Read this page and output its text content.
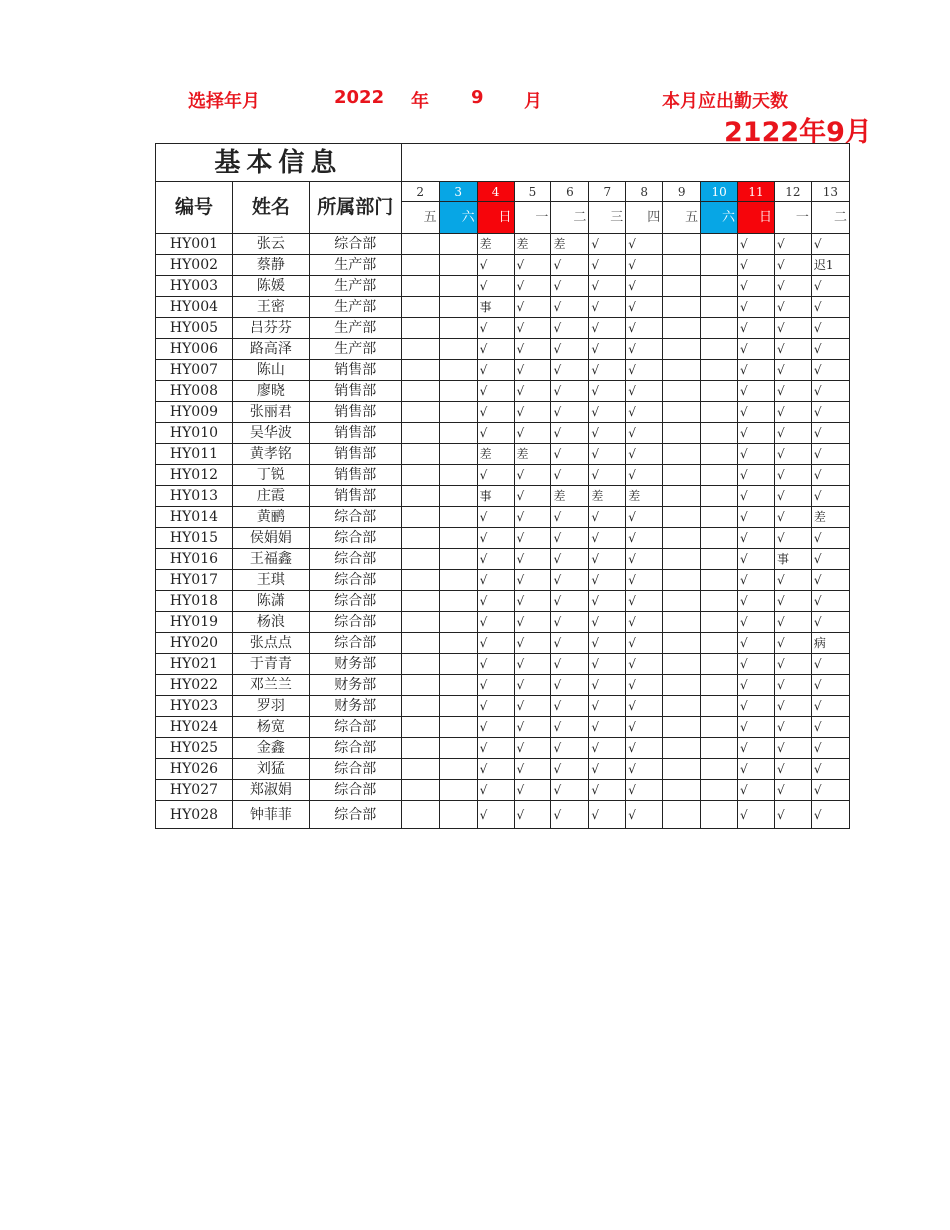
选择年月	2022 年 9 月	本月应出勤天数
2122年9月
基本信息														
编号	姓名	所属部门	2	3	4	5	6	7	8	9	10	11	12	13
			五	六	日	一	二	三	四	五	六	日	一	二
HY001	张云	综合部			差	差	差	√	√			√	√	√
HY002	蔡静	生产部			√	√	√	√	√			√	√	迟1
HY003	陈媛	生产部			√	√	√	√	√			√	√	√
HY004	王密	生产部			事	√	√	√	√			√	√	√
HY005	吕芬芬	生产部			√	√	√	√	√			√	√	√
HY006	路高泽	生产部			√	√	√	√	√			√	√	√
HY007	陈山	销售部			√	√	√	√	√			√	√	√
HY008	廖晓	销售部			√	√	√	√	√			√	√	√
HY009	张丽君	销售部			√	√	√	√	√			√	√	√
HY010	吴华波	销售部			√	√	√	√	√			√	√	√
HY011	黄孝铭	销售部			差	差	√	√	√			√	√	√
HY012	丁锐	销售部			√	√	√	√	√			√	√	√
HY013	庄霞	销售部			事	√	差	差	差			√	√	√
HY014	黄鹂	综合部			√	√	√	√	√			√	√	差
HY015	侯娟娟	综合部			√	√	√	√	√			√	√	√
HY016	王福鑫	综合部			√	√	√	√	√			√	事	√
HY017	王琪	综合部			√	√	√	√	√			√	√	√
HY018	陈潇	综合部			√	√	√	√	√			√	√	√
HY019	杨浪	综合部			√	√	√	√	√			√	√	√
HY020	张点点	综合部			√	√	√	√	√			√	√	病
HY021	于青青	财务部			√	√	√	√	√			√	√	√
HY022	邓兰兰	财务部			√	√	√	√	√			√	√	√
HY023	罗羽	财务部			√	√	√	√	√			√	√	√
HY024	杨宽	综合部			√	√	√	√	√			√	√	√
HY025	金鑫	综合部			√	√	√	√	√			√	√	√
HY026	刘猛	综合部			√	√	√	√	√			√	√	√
HY027	郑淑娟	综合部			√	√	√	√	√			√	√	√
HY028	钟菲菲	综合部			√	√	√	√	√			√	√	√
